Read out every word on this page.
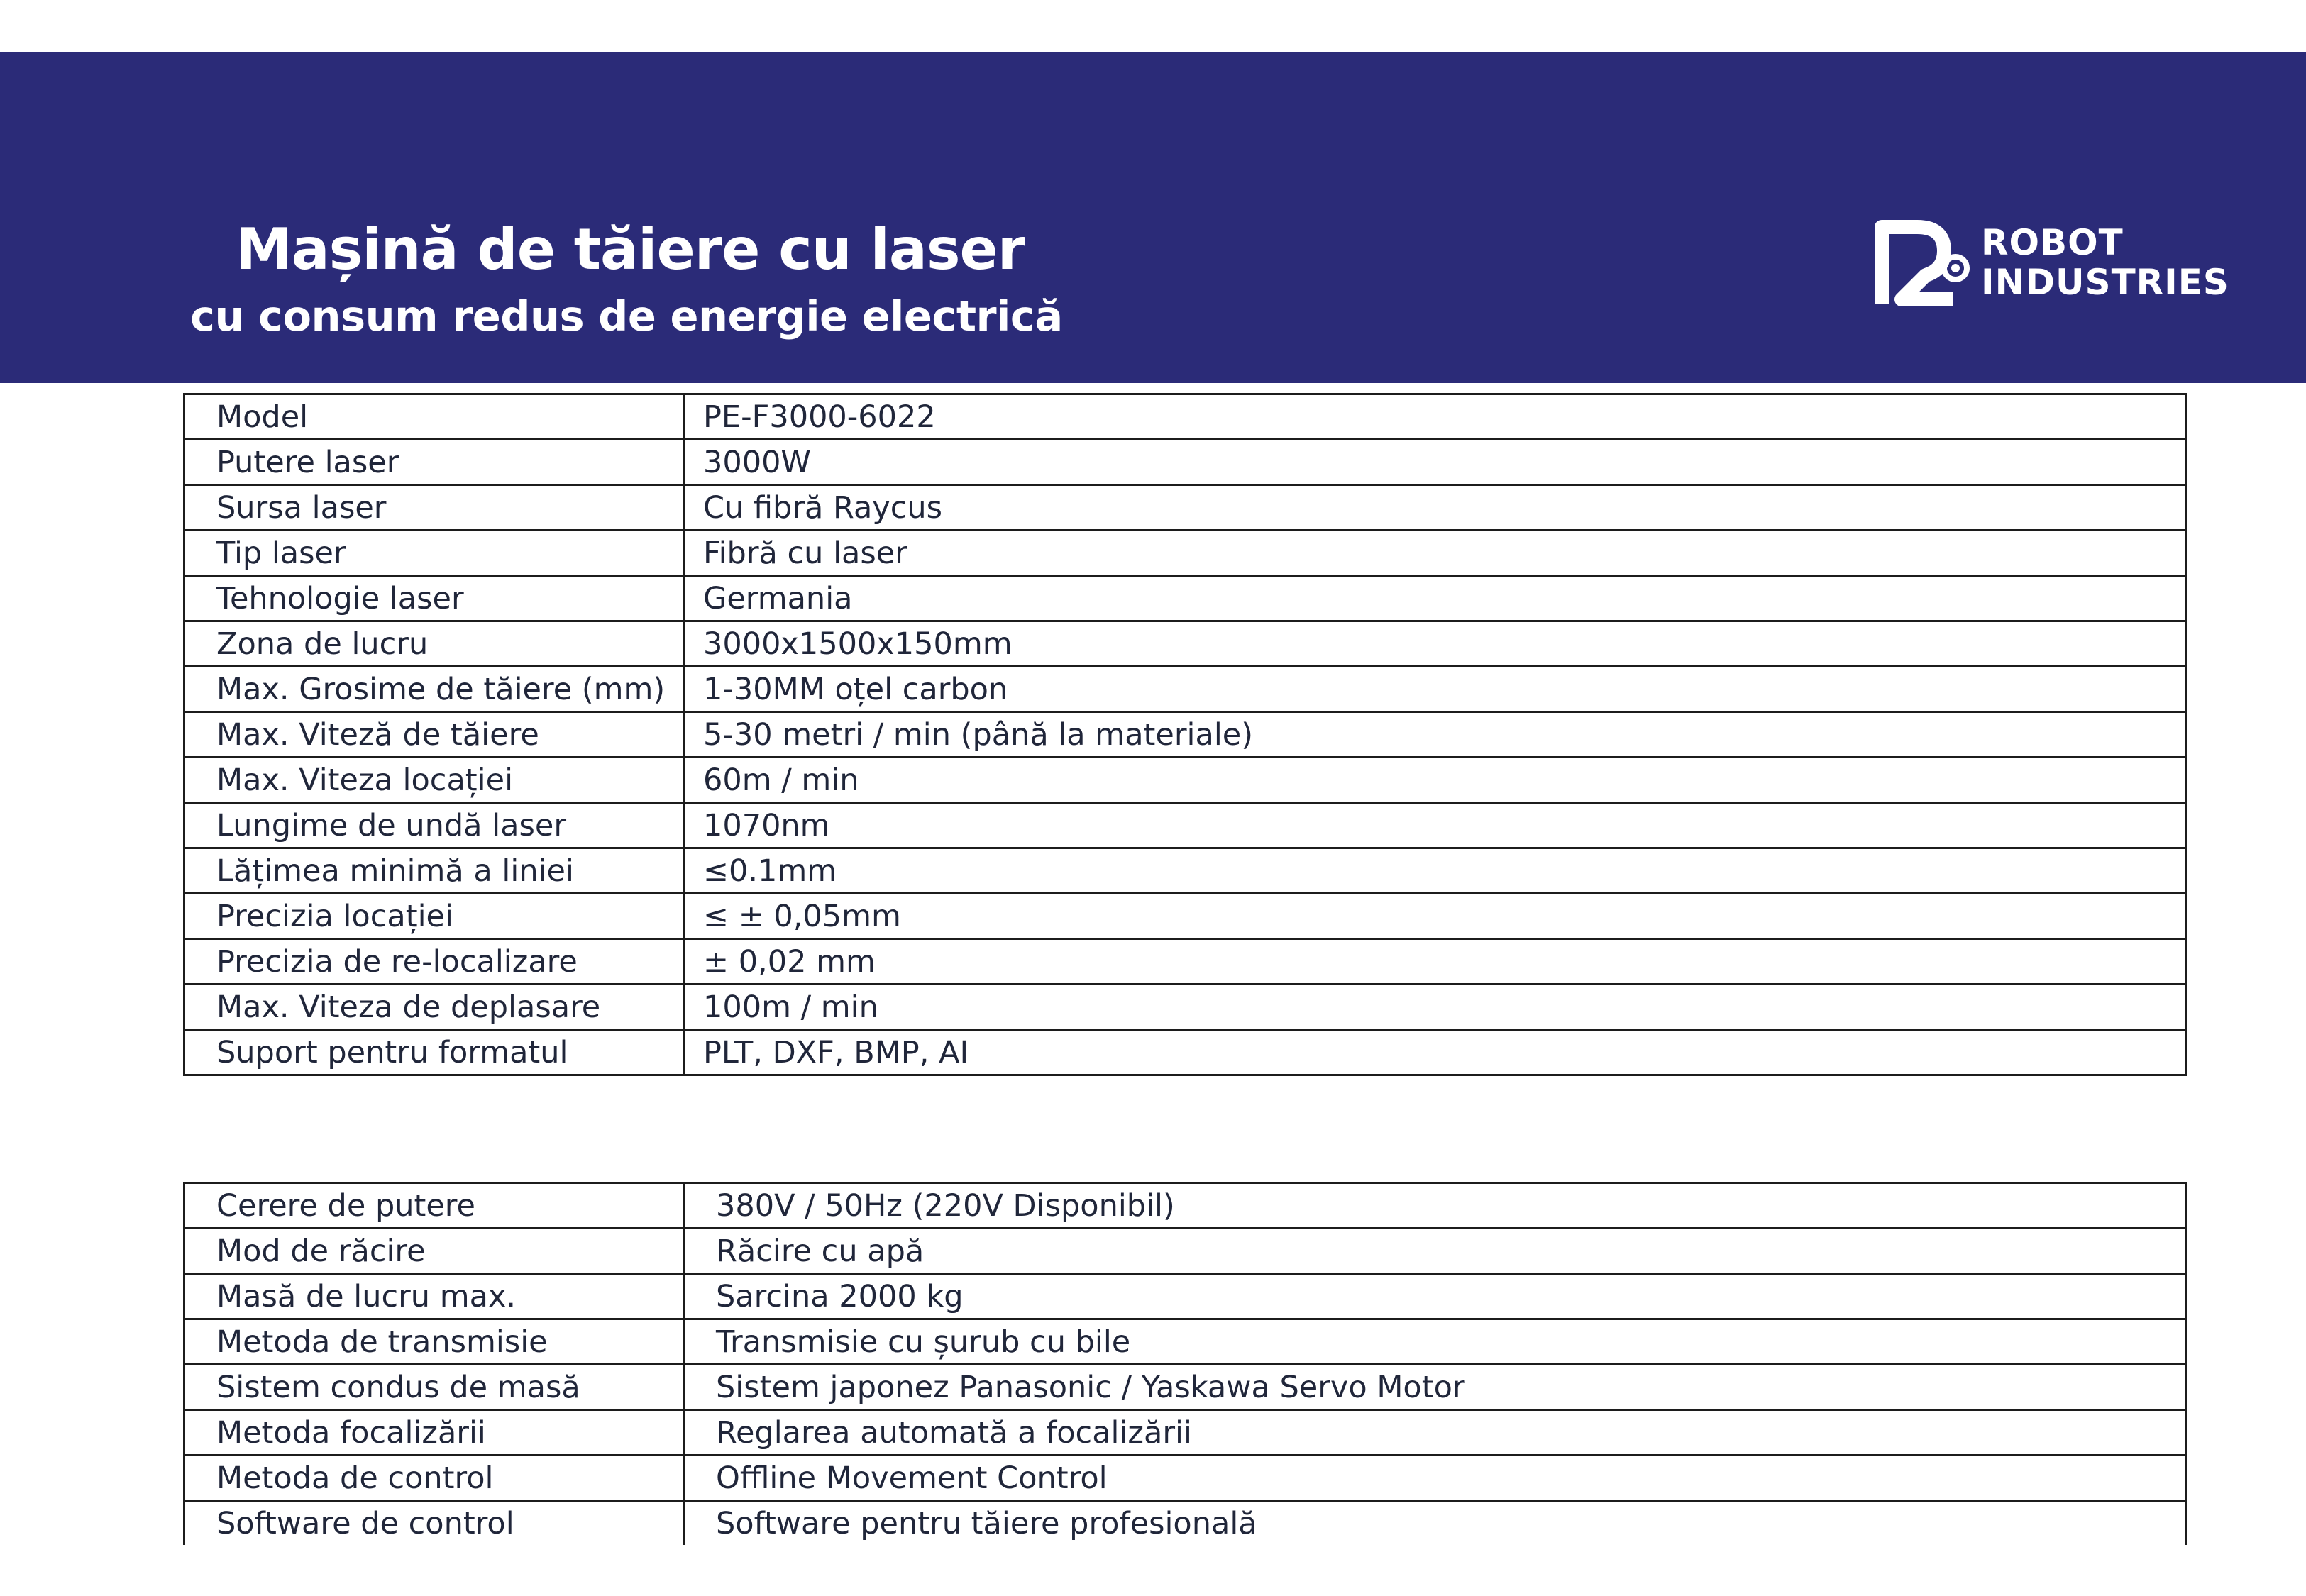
Mașină de tăiere cu laser
cu consum redus de energie electrică
ROBOT
INDUSTRIES
Model	PE-F3000-6022
Putere laser	3000W
Sursa laser	Cu fibră Raycus
Tip laser	Fibră cu laser
Tehnologie laser	Germania
Zona de lucru	3000x1500x150mm
Max. Grosime de tăiere (mm)	1-30MM oțel carbon
Max. Viteză de tăiere	5-30 metri / min (până la materiale)
Max. Viteza locației	60m / min
Lungime de undă laser	1070nm
Lățimea minimă a liniei	≤0.1mm
Precizia locației	≤ ± 0,05mm
Precizia de re-localizare	± 0,02 mm
Max. Viteza de deplasare	100m / min
Suport pentru formatul	PLT, DXF, BMP, AI
Cerere de putere	380V / 50Hz (220V Disponibil)
Mod de răcire	Răcire cu apă
Masă de lucru max.	Sarcina 2000 kg
Metoda de transmisie	Transmisie cu șurub cu bile
Sistem condus de masă	Sistem japonez Panasonic / Yaskawa Servo Motor
Metoda focalizării	Reglarea automată a focalizării
Metoda de control	Offline Movement Control
Software de control	Software pentru tăiere profesională
